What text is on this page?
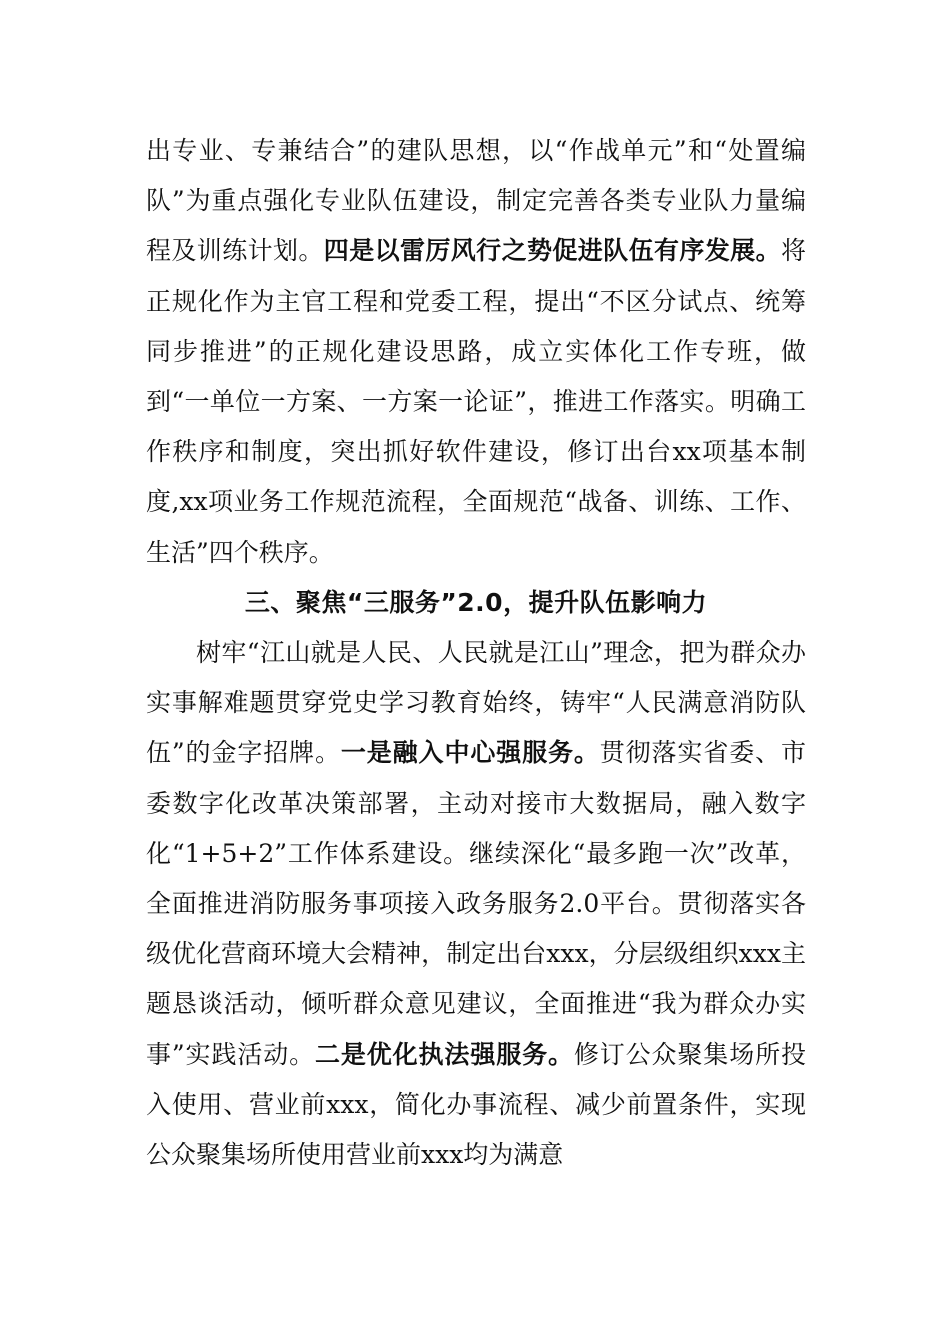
出专业、专兼结合”的建队思想，以“作战单元”和“处置编队”为重点强化专业队伍建设，制定完善各类专业队力量编程及训练计划。四是以雷厉风行之势促进队伍有序发展。将正规化作为主官工程和党委工程，提出“不区分试点、统筹同步推进”的正规化建设思路，成立实体化工作专班，做到“一单位一方案、一方案一论证”，推进工作落实。明确工作秩序和制度，突出抓好软件建设，修订出台xx项基本制度,xx项业务工作规范流程，全面规范“战备、训练、工作、生活”四个秩序。

三、聚焦“三服务”2.0，提升队伍影响力

树牢“江山就是人民、人民就是江山”理念，把为群众办实事解难题贯穿党史学习教育始终，铸牢“人民满意消防队伍”的金字招牌。一是融入中心强服务。贯彻落实省委、市委数字化改革决策部署，主动对接市大数据局，融入数字化“1+5+2”工作体系建设。继续深化“最多跑一次”改革，全面推进消防服务事项接入政务服务2.0平台。贯彻落实各级优化营商环境大会精神，制定出台xxx，分层级组织xxx主题恳谈活动，倾听群众意见建议，全面推进“我为群众办实事”实践活动。二是优化执法强服务。修订公众聚集场所投入使用、营业前xxx，简化办事流程、减少前置条件，实现公众聚集场所使用营业前xxx均为满意
